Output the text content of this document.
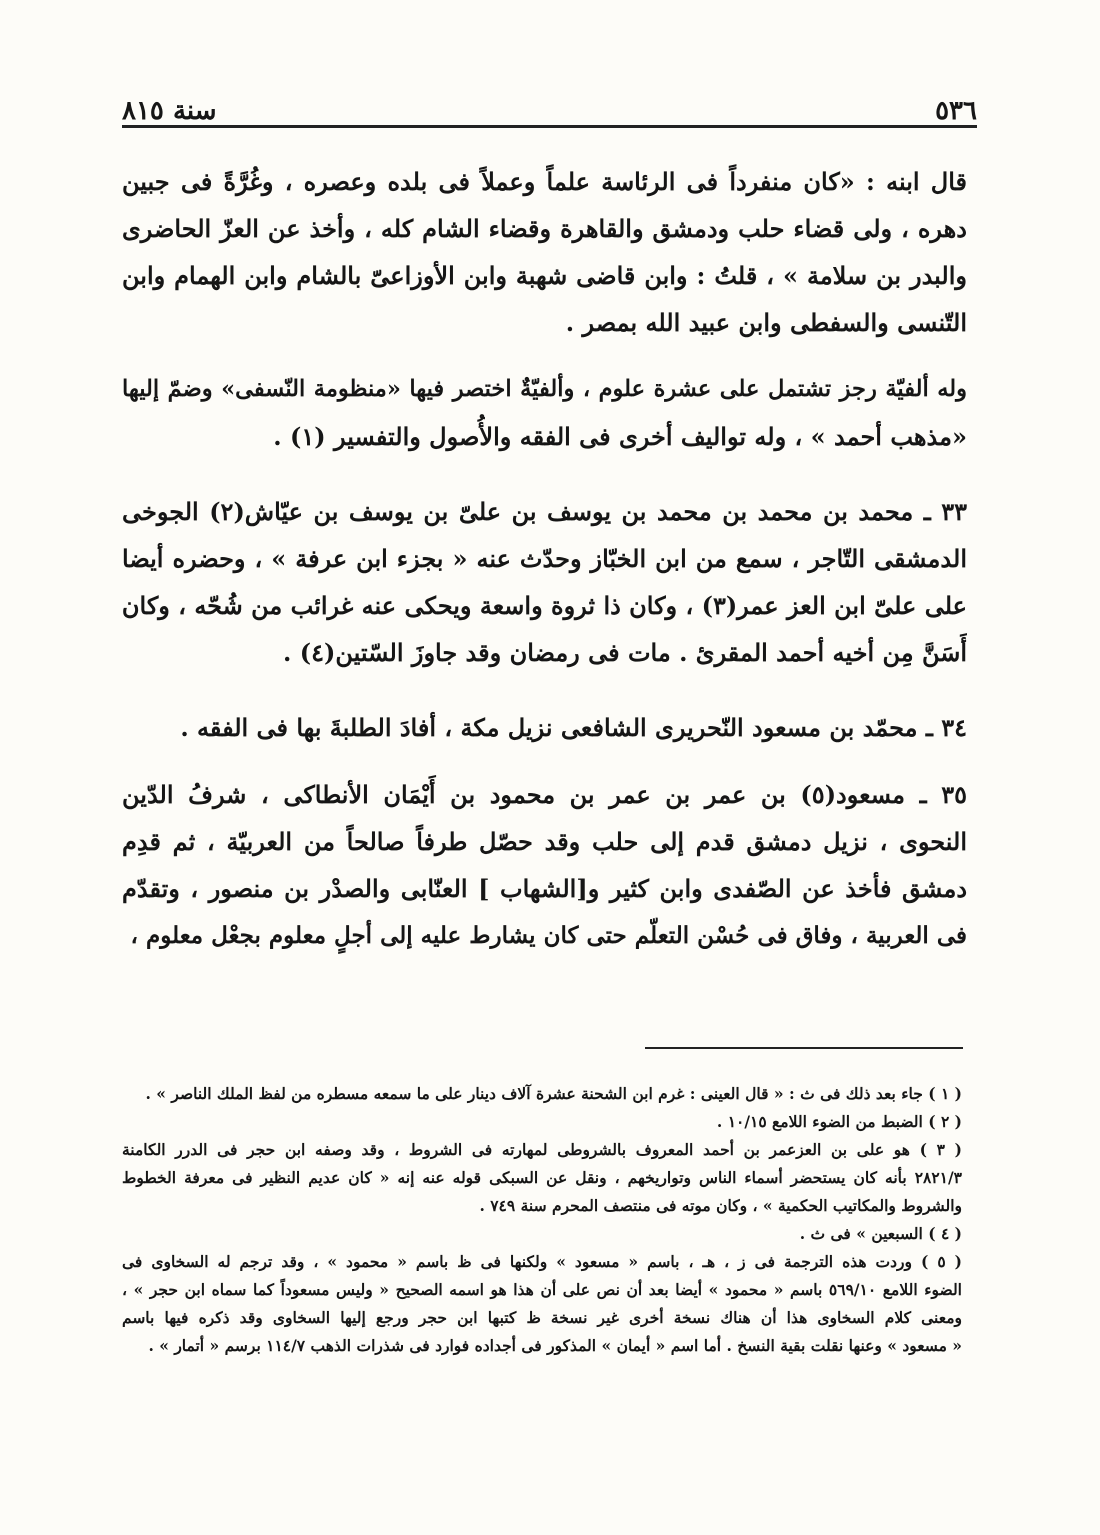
٥٣٦
سنة ٨١٥
قال ابنه : «كان منفرداً فى الرئاسة علماً وعملاً فى بلده وعصره ، وغُرَّةً فى جبين
دهره ، ولى قضاء حلب ودمشق والقاهرة وقضاء الشام كله ، وأخذ عن العزّ الحاضرى
والبدر بن سلامة » ، قلتُ : وابن قاضى شهبة وابن الأوزاعىّ بالشام وابن الهمام وابن
التّنسى والسفطى وابن عبيد الله بمصر .
وله ألفيّة رجز تشتمل على عشرة علوم ، وألفيّةٌ اختصر فيها «منظومة النّسفى» وضمّ إليها
«مذهب أحمد » ، وله تواليف أخرى فى الفقه والأُصول والتفسير (١) .
٣٣ ـ محمد بن محمد بن محمد بن يوسف بن علىّ بن يوسف بن عيّاش(٢) الجوخى
الدمشقى التّاجر ، سمع من ابن الخبّاز وحدّث عنه « بجزء ابن عرفة » ، وحضره أيضا
على علىّ ابن العز عمر(٣) ، وكان ذا ثروة واسعة ويحكى عنه غرائب من شُحّه ، وكان
أَسَنَّ مِن أخيه أحمد المقرئ . مات فى رمضان وقد جاوزَ السّتين(٤) .
٣٤ ـ محمّد بن مسعود النّحريرى الشافعى نزيل مكة ، أفادَ الطلبةَ بها فى الفقه .
٣٥ ـ مسعود(٥) بن عمر بن عمر بن محمود بن أَيْمَان الأنطاكى ، شرفُ الدّين
النحوى ، نزيل دمشق قدم إلى حلب وقد حصّل طرفاً صالحاً من العربيّة ، ثم قدِم
دمشق فأخذ عن الصّفدى وابن كثير و[الشهاب ] العنّابى والصدْر بن منصور ، وتقدّم
فى العربية ، وفاق فى حُسْن التعلّم حتى كان يشارط عليه إلى أجلٍ معلوم بجعْل معلوم ،
( ١ ) جاء بعد ذلك فى ث : « قال العينى : غرم ابن الشحنة عشرة آلاف دينار على ما سمعه مسطره من لفظ الملك الناصر » .
( ٢ ) الضبط من الضوء اللامع ١٠/١٥ .
( ٣ ) هو على بن العزعمر بن أحمد المعروف بالشروطى لمهارته فى الشروط ، وقد وصفه ابن حجر فى الدرر الكامنة
٢٨٢١/٣ بأنه كان يستحضر أسماء الناس وتواريخهم ، ونقل عن السبكى قوله عنه إنه « كان عديم النظير فى معرفة الخطوط
والشروط والمكاتيب الحكمية » ، وكان موته فى منتصف المحرم سنة ٧٤٩ .
( ٤ ) السبعين » فى ث .
( ٥ ) وردت هذه الترجمة فى ز ، هـ ، باسم « مسعود » ولكنها فى ظ باسم « محمود » ، وقد ترجم له السخاوى فى
الضوء اللامع ٥٦٩/١٠ باسم « محمود » أيضا بعد أن نص على أن هذا هو اسمه الصحيح « وليس مسعوداً كما سماه ابن حجر » ،
ومعنى كلام السخاوى هذا أن هناك نسخة أخرى غير نسخة ظ كتبها ابن حجر ورجع إليها السخاوى وقد ذكره فيها باسم
« مسعود » وعنها نقلت بقية النسخ . أما اسم « أيمان » المذكور فى أجداده فوارد فى شذرات الذهب ١١٤/٧ برسم « أتمار » .
